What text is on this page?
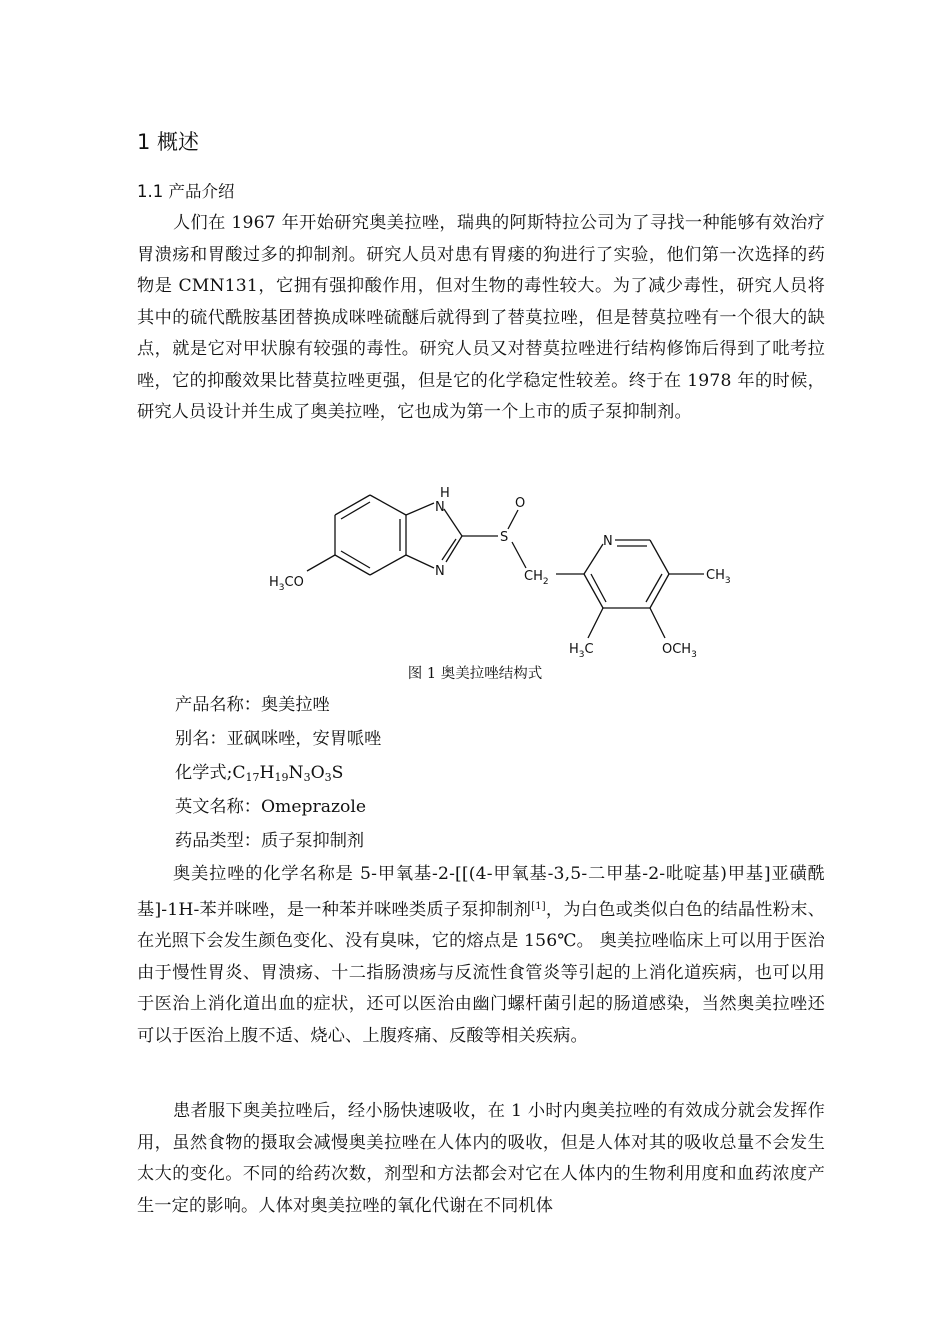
1 概述
1.1 产品介绍

人们在 1967 年开始研究奥美拉唑，瑞典的阿斯特拉公司为了寻找一种能够有效治疗胃溃疡和胃酸过多的抑制剂。研究人员对患有胃瘘的狗进行了实验，他们第一次选择的药物是 CMN131，它拥有强抑酸作用，但对生物的毒性较大。为了减少毒性，研究人员将其中的硫代酰胺基团替换成咪唑硫醚后就得到了替莫拉唑，但是替莫拉唑有一个很大的缺点，就是它对甲状腺有较强的毒性。研究人员又对替莫拉唑进行结构修饰后得到了吡考拉唑，它的抑酸效果比替莫拉唑更强，但是它的化学稳定性较差。终于在 1978 年的时候，研究人员设计并生成了奥美拉唑，它也成为第一个上市的质子泵抑制剂。

H
N
N
O
S
$CH_2$
N
$CH_3$
$H_3CO$
$H_3C$	$OCH_3$
图 1 奥美拉唑结构式
产品名称：奥美拉唑
别名：亚砜咪唑，安胃哌唑
化学式$;C_{17}H_{19}N_3O_3S$
英文名称：Omeprazole
药品类型：质子泵抑制剂

奥美拉唑的化学名称是 5-甲氧基-2-[[(4-甲氧基-3,5-二甲基-2-吡啶基)甲基]亚磺酰基]-1H-苯并咪唑，是一种苯并咪唑类质子泵抑制剂[1]，为白色或类似白色的结晶性粉末、在光照下会发生颜色变化、没有臭味，它的熔点是 156℃。 奥美拉唑临床上可以用于医治由于慢性胃炎、胃溃疡、十二指肠溃疡与反流性食管炎等引起的上消化道疾病，也可以用于医治上消化道出血的症状，还可以医治由幽门螺杆菌引起的肠道感染，当然奥美拉唑还可以于医治上腹不适、烧心、上腹疼痛、反酸等相关疾病。

患者服下奥美拉唑后，经小肠快速吸收，在 1 小时内奥美拉唑的有效成分就会发挥作用，虽然食物的摄取会减慢奥美拉唑在人体内的吸收，但是人体对其的吸收总量不会发生太大的变化。不同的给药次数，剂型和方法都会对它在人体内的生物利用度和血药浓度产生一定的影响。人体对奥美拉唑的氧化代谢在不同机体
